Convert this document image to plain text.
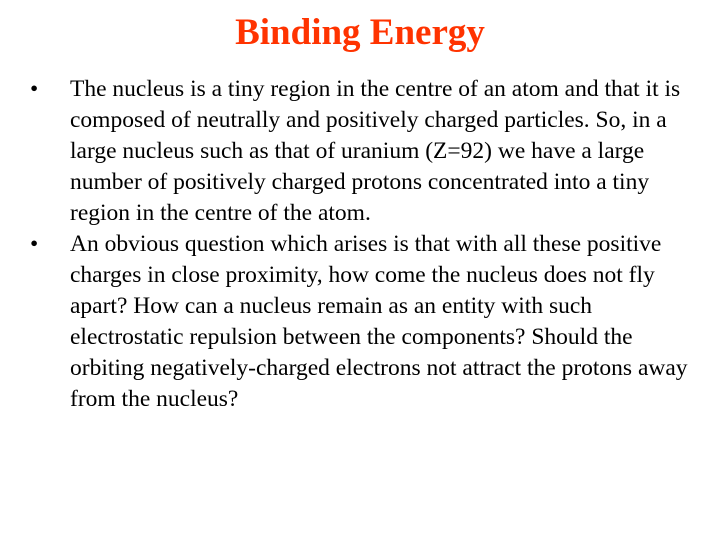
Binding Energy
•	The nucleus is a tiny region in the centre of an atom and that it is composed of neutrally and positively charged particles. So, in a large nucleus such as that of uranium (Z=92) we have a large number of positively charged protons concentrated into a tiny region in the centre of the atom.
•	An obvious question which arises is that with all these positive charges in close proximity, how come the nucleus does not fly apart? How can a nucleus remain as an entity with such electrostatic repulsion between the components? Should the orbiting negatively-charged electrons not attract the protons away from the nucleus?
